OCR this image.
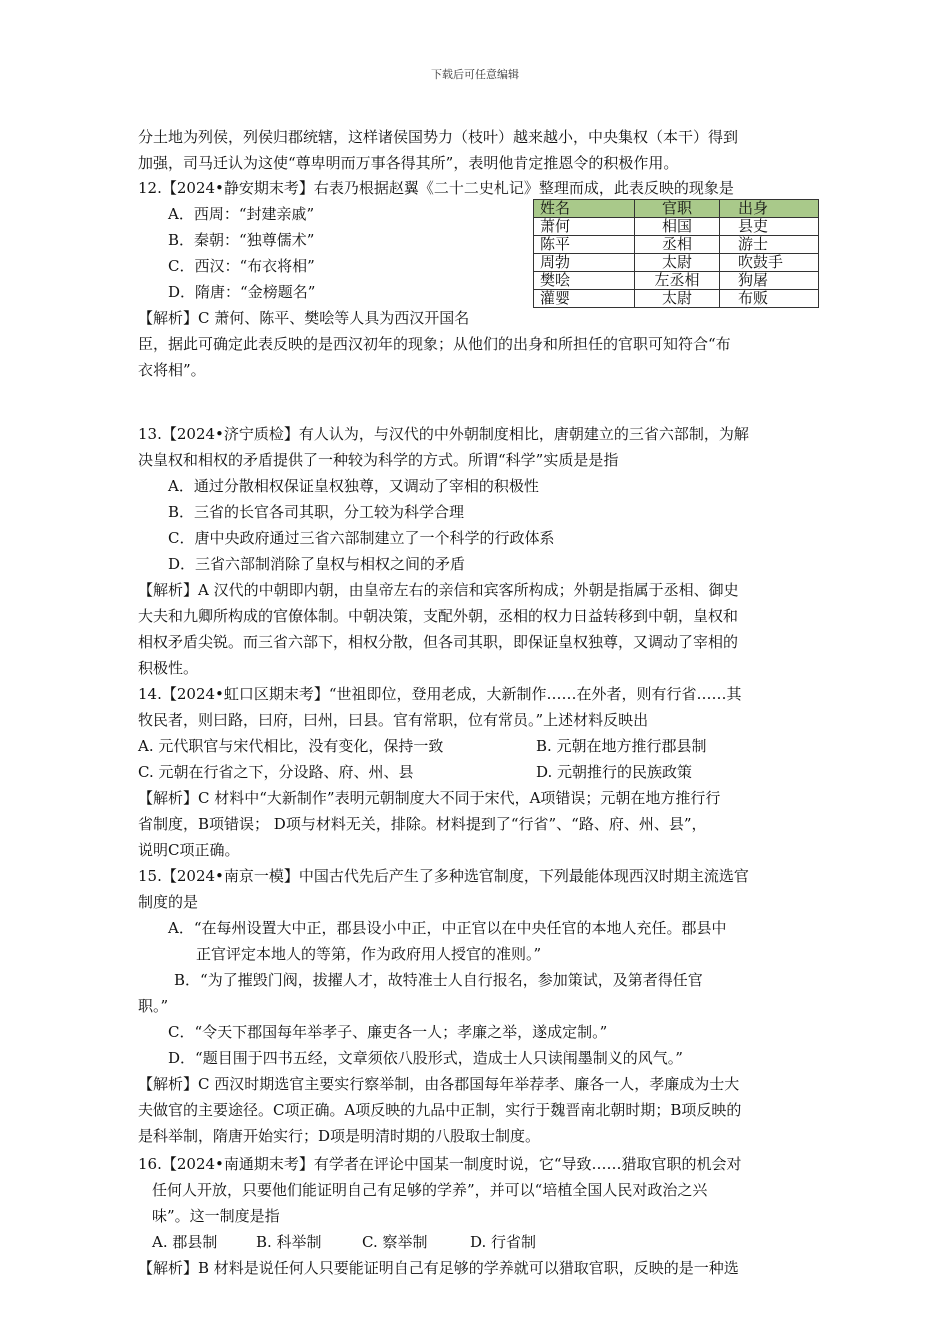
下载后可任意编辑
分土地为列侯，列侯归郡统辖，这样诸侯国势力（枝叶）越来越小，中央集权（本干）得到
加强，司马迁认为这使“尊卑明而万事各得其所”，表明他肯定推恩令的积极作用。
12.【2024•静安期末考】右表乃根据赵翼《二十二史札记》整理而成，此表反映的现象是
A．西周：“封建亲戚”
B．秦朝：“独尊儒术”
C．西汉：“布衣将相”
D．隋唐：“金榜题名”
【解析】C 萧何、陈平、樊哙等人具为西汉开国名
臣，据此可确定此表反映的是西汉初年的现象；从他们的出身和所担任的官职可知符合“布
衣将相”。
姓名	官职	出身
萧何	相国	县吏
陈平	丞相	游士
周勃	太尉	吹鼓手
樊哙	左丞相	狗屠
灌婴	太尉	布贩
13.【2024•济宁质检】有人认为，与汉代的中外朝制度相比，唐朝建立的三省六部制，为解
决皇权和相权的矛盾提供了一种较为科学的方式。所谓“科学”实质是是指
A．通过分散相权保证皇权独尊，又调动了宰相的积极性
B．三省的长官各司其职，分工较为科学合理
C．唐中央政府通过三省六部制建立了一个科学的行政体系
D．三省六部制消除了皇权与相权之间的矛盾
【解析】A 汉代的中朝即内朝，由皇帝左右的亲信和宾客所构成；外朝是指属于丞相、御史
大夫和九卿所构成的官僚体制。中朝决策，支配外朝，丞相的权力日益转移到中朝，皇权和
相权矛盾尖锐。而三省六部下，相权分散，但各司其职，即保证皇权独尊，又调动了宰相的
积极性。
14.【2024•虹口区期末考】“世祖即位，登用老成，大新制作……在外者，则有行省……其
牧民者，则曰路，曰府，曰州，曰县。官有常职，位有常员。”上述材料反映出
A. 元代职官与宋代相比，没有变化，保持一致	B. 元朝在地方推行郡县制
C. 元朝在行省之下，分设路、府、州、县	D. 元朝推行的民族政策
【解析】C 材料中“大新制作”表明元朝制度大不同于宋代，A项错误；元朝在地方推行行
省制度，B项错误； D项与材料无关，排除。材料提到了“行省”、“路、府、州、县”，
说明C项正确。
15.【2024•南京一模】中国古代先后产生了多种选官制度，下列最能体现西汉时期主流选官
制度的是
A．“在每州设置大中正，郡县设小中正，中正官以在中央任官的本地人充任。郡县中
正官评定本地人的等第，作为政府用人授官的准则。”
B．“为了摧毁门阀，拔擢人才，故特准士人自行报名，参加策试，及第者得任官
职。”
C．“令天下郡国每年举孝子、廉吏各一人；孝廉之举，遂成定制。”
D．“题目围于四书五经，文章须依八股形式，造成士人只读闱墨制义的风气。”
【解析】C 西汉时期选官主要实行察举制，由各郡国每年举荐孝、廉各一人，孝廉成为士大
夫做官的主要途径。C项正确。A项反映的九品中正制，实行于魏晋南北朝时期；B项反映的
是科举制，隋唐开始实行；D项是明清时期的八股取士制度。
16.【2024•南通期末考】有学者在评论中国某一制度时说，它“导致……猎取官职的机会对
任何人开放，只要他们能证明自己有足够的学养”，并可以“培植全国人民对政治之兴
味”。这一制度是指
A. 郡县制	B. 科举制	C. 察举制	D. 行省制
【解析】B 材料是说任何人只要能证明自己有足够的学养就可以猎取官职，反映的是一种选
